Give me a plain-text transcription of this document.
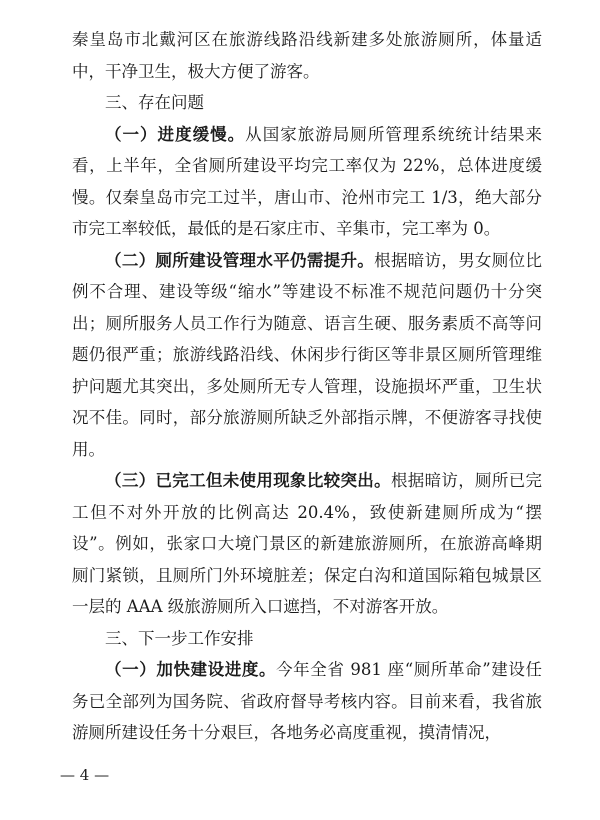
秦皇岛市北戴河区在旅游线路沿线新建多处旅游厕所，体量适中，干净卫生，极大方便了游客。

三、存在问题

（一）进度缓慢。从国家旅游局厕所管理系统统计结果来看，上半年，全省厕所建设平均完工率仅为 22%，总体进度缓慢。仅秦皇岛市完工过半，唐山市、沧州市完工 1/3，绝大部分市完工率较低，最低的是石家庄市、辛集市，完工率为 0。

（二）厕所建设管理水平仍需提升。根据暗访，男女厕位比例不合理、建设等级“缩水”等建设不标准不规范问题仍十分突出；厕所服务人员工作行为随意、语言生硬、服务素质不高等问题仍很严重；旅游线路沿线、休闲步行街区等非景区厕所管理维护问题尤其突出，多处厕所无专人管理，设施损坏严重，卫生状况不佳。同时，部分旅游厕所缺乏外部指示牌，不便游客寻找使用。

（三）已完工但未使用现象比较突出。根据暗访，厕所已完工但不对外开放的比例高达 20.4%，致使新建厕所成为“摆设”。例如，张家口大境门景区的新建旅游厕所，在旅游高峰期厕门紧锁，且厕所门外环境脏差；保定白沟和道国际箱包城景区一层的 AAA 级旅游厕所入口遮挡，不对游客开放。

三、下一步工作安排

（一）加快建设进度。今年全省 981 座“厕所革命”建设任务已全部列为国务院、省政府督导考核内容。目前来看，我省旅游厕所建设任务十分艰巨，各地务必高度重视，摸清情况，

— 4 —
